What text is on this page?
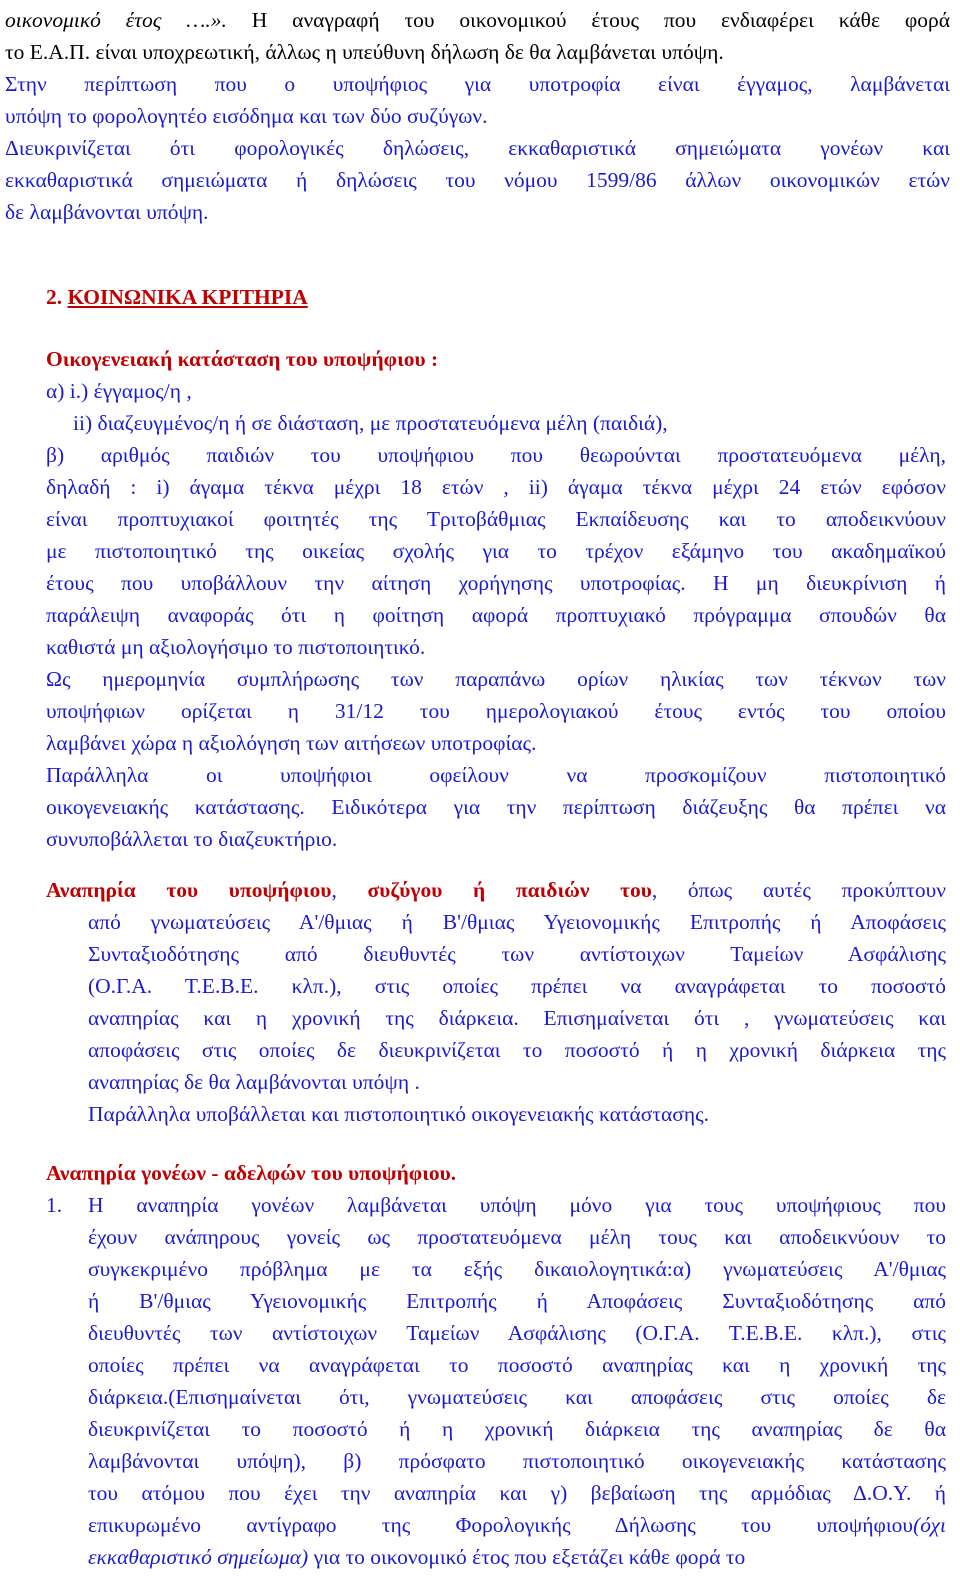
οικονομικό έτος ….». Η αναγραφή του οικονομικού έτους που ενδιαφέρει κάθε φορά
το Ε.Α.Π. είναι υποχρεωτική, άλλως η υπεύθυνη δήλωση δε θα λαμβάνεται υπόψη.
Στην περίπτωση που ο υποψήφιος για υποτροφία είναι έγγαμος, λαμβάνεται
υπόψη το φορολογητέο εισόδημα και των δύο συζύγων.
Διευκρινίζεται ότι φορολογικές δηλώσεις, εκκαθαριστικά σημειώματα γονέων και
εκκαθαριστικά σημειώματα ή δηλώσεις του νόμου 1599/86 άλλων οικονομικών ετών
δε λαμβάνονται υπόψη.
2. ΚΟΙΝΩΝΙΚΑ ΚΡΙΤΗΡΙΑ
Οικογενειακή κατάσταση του υποψήφιου :
α) i.) έγγαμος/η ,
ii) διαζευγμένος/η ή σε διάσταση, με προστατευόμενα μέλη (παιδιά),
β) αριθμός παιδιών του υποψήφιου που θεωρούνται προστατευόμενα μέλη,
δηλαδή : i) άγαμα τέκνα μέχρι 18 ετών , ii) άγαμα τέκνα μέχρι 24 ετών εφόσον
είναι προπτυχιακοί φοιτητές της Τριτοβάθμιας Εκπαίδευσης και το αποδεικνύουν
με πιστοποιητικό της οικείας σχολής για το τρέχον εξάμηνο του ακαδημαϊκού
έτους που υποβάλλουν την αίτηση χορήγησης υποτροφίας. Η μη διευκρίνιση ή
παράλειψη αναφοράς ότι η φοίτηση αφορά προπτυχιακό πρόγραμμα σπουδών θα
καθιστά μη αξιολογήσιμο το πιστοποιητικό.
Ως ημερομηνία συμπλήρωσης των παραπάνω ορίων ηλικίας των τέκνων των
υποψήφιων ορίζεται η 31/12 του ημερολογιακού έτους εντός του οποίου
λαμβάνει χώρα η αξιολόγηση των αιτήσεων υποτροφίας.
Παράλληλα οι υποψήφιοι οφείλουν να προσκομίζουν πιστοποιητικό
οικογενειακής κατάστασης. Ειδικότερα για την περίπτωση διάζευξης θα πρέπει να
συνυποβάλλεται το διαζευκτήριο.
Αναπηρία του υποψήφιου, συζύγου ή παιδιών του, όπως αυτές προκύπτουν
από γνωματεύσεις Α'/θμιας ή Β'/θμιας Υγειονομικής Επιτροπής ή Αποφάσεις
Συνταξιοδότησης από διευθυντές των αντίστοιχων Ταμείων Ασφάλισης
(Ο.Γ.Α. Τ.Ε.Β.Ε. κλπ.), στις οποίες πρέπει να αναγράφεται το ποσοστό
αναπηρίας και η χρονική της διάρκεια. Επισημαίνεται ότι , γνωματεύσεις και
αποφάσεις στις οποίες δε διευκρινίζεται το ποσοστό ή η χρονική διάρκεια της
αναπηρίας δε θα λαμβάνονται υπόψη .
Παράλληλα υποβάλλεται και πιστοποιητικό οικογενειακής κατάστασης.
Αναπηρία γονέων - αδελφών του υποψήφιου.
1. Η αναπηρία γονέων λαμβάνεται υπόψη μόνο για τους υποψήφιους που
έχουν ανάπηρους γονείς ως προστατευόμενα μέλη τους και αποδεικνύουν το
συγκεκριμένο πρόβλημα με τα εξής δικαιολογητικά:α) γνωματεύσεις Α'/θμιας
ή Β'/θμιας Υγειονομικής Επιτροπής ή Αποφάσεις Συνταξιοδότησης από
διευθυντές των αντίστοιχων Ταμείων Ασφάλισης (Ο.Γ.Α. Τ.Ε.Β.Ε. κλπ.), στις
οποίες πρέπει να αναγράφεται το ποσοστό αναπηρίας και η χρονική της
διάρκεια.(Επισημαίνεται ότι, γνωματεύσεις και αποφάσεις στις οποίες δε
διευκρινίζεται το ποσοστό ή η χρονική διάρκεια της αναπηρίας δε θα
λαμβάνονται υπόψη), β) πρόσφατο πιστοποιητικό οικογενειακής κατάστασης
του ατόμου που έχει την αναπηρία και γ) βεβαίωση της αρμόδιας Δ.Ο.Υ. ή
επικυρωμένο αντίγραφο της Φορολογικής Δήλωσης του υποψήφιου(όχι
εκκαθαριστικό σημείωμα) για το οικονομικό έτος που εξετάζει κάθε φορά το
